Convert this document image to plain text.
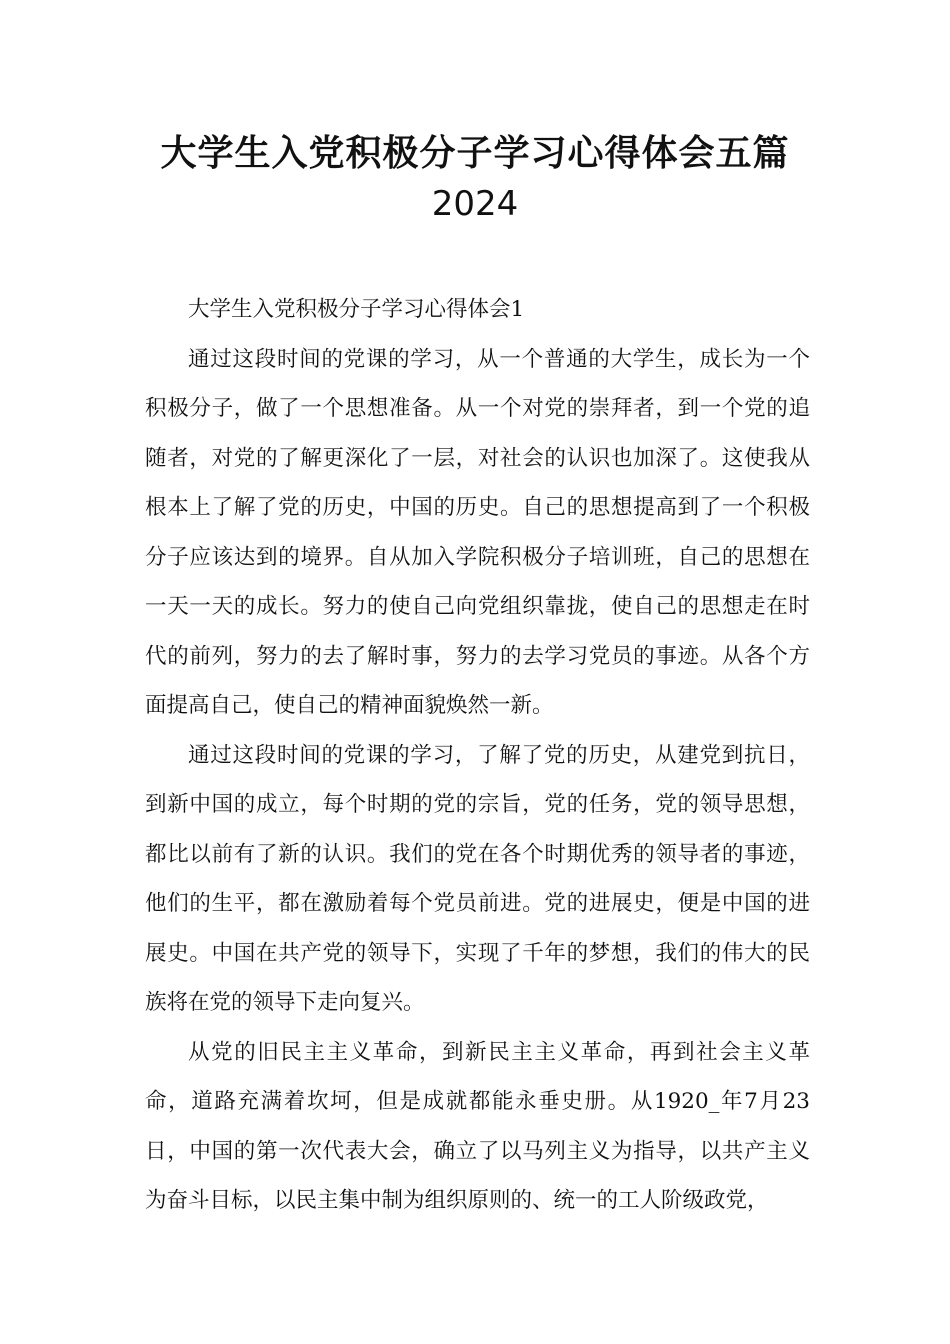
大学生入党积极分子学习心得体会五篇
2024

大学生入党积极分子学习心得体会1

通过这段时间的党课的学习，从一个普通的大学生，成长为一个积极分子，做了一个思想准备。从一个对党的崇拜者，到一个党的追随者，对党的了解更深化了一层，对社会的认识也加深了。这使我从根本上了解了党的历史，中国的历史。自己的思想提高到了一个积极分子应该达到的境界。自从加入学院积极分子培训班，自己的思想在一天一天的成长。努力的使自己向党组织靠拢，使自己的思想走在时代的前列，努力的去了解时事，努力的去学习党员的事迹。从各个方面提高自己，使自己的精神面貌焕然一新。

通过这段时间的党课的学习，了解了党的历史，从建党到抗日，到新中国的成立，每个时期的党的宗旨，党的任务，党的领导思想，都比以前有了新的认识。我们的党在各个时期优秀的领导者的事迹，他们的生平，都在激励着每个党员前进。党的进展史，便是中国的进展史。中国在共产党的领导下，实现了千年的梦想，我们的伟大的民族将在党的领导下走向复兴。

从党的旧民主主义革命，到新民主主义革命，再到社会主义革命，道路充满着坎坷，但是成就都能永垂史册。从1920_年7月23日，中国的第一次代表大会，确立了以马列主义为指导，以共产主义为奋斗目标，以民主集中制为组织原则的、统一的工人阶级政党，
